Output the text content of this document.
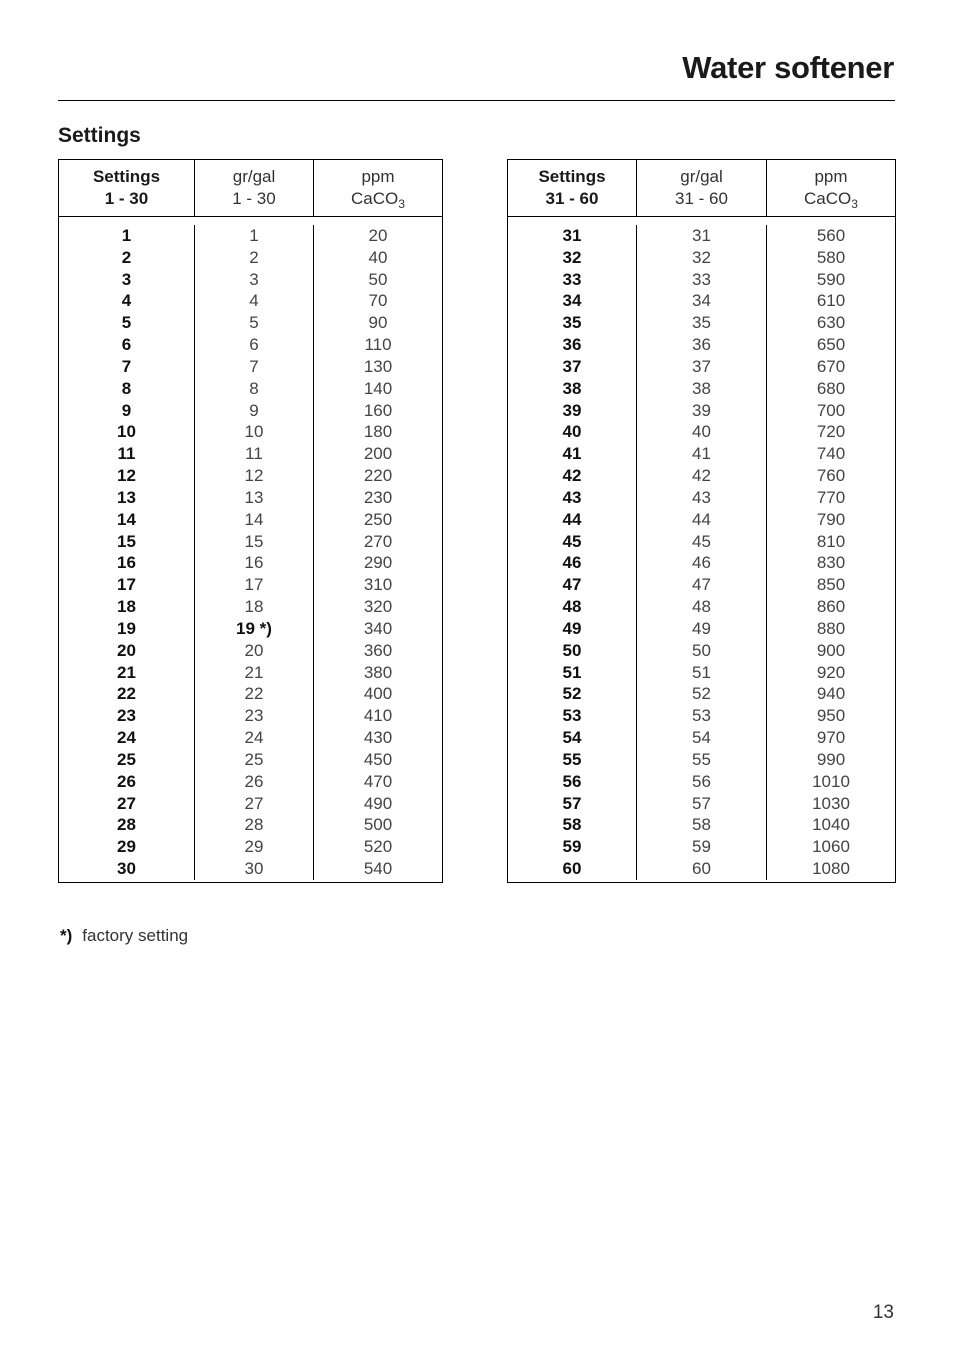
Water softener
Settings
Settings
1 - 30
gr/gal
1 - 30
ppm
CaCO$_3$
1
2
3
4
5
6
7
8
9
10
11
12
13
14
15
16
17
18
19
20
21
22
23
24
25
26
27
28
29
30
1
2
3
4
5
6
7
8
9
10
11
12
13
14
15
16
17
18
19 *)
20
21
22
23
24
25
26
27
28
29
30
20
40
50
70
90
110
130
140
160
180
200
220
230
250
270
290
310
320
340
360
380
400
410
430
450
470
490
500
520
540
Settings
31 - 60
gr/gal
31 - 60
ppm
CaCO$_3$
31
32
33
34
35
36
37
38
39
40
41
42
43
44
45
46
47
48
49
50
51
52
53
54
55
56
57
58
59
60
31
32
33
34
35
36
37
38
39
40
41
42
43
44
45
46
47
48
49
50
51
52
53
54
55
56
57
58
59
60
560
580
590
610
630
650
670
680
700
720
740
760
770
790
810
830
850
860
880
900
920
940
950
970
990
1010
1030
1040
1060
1080
*) factory setting
13
